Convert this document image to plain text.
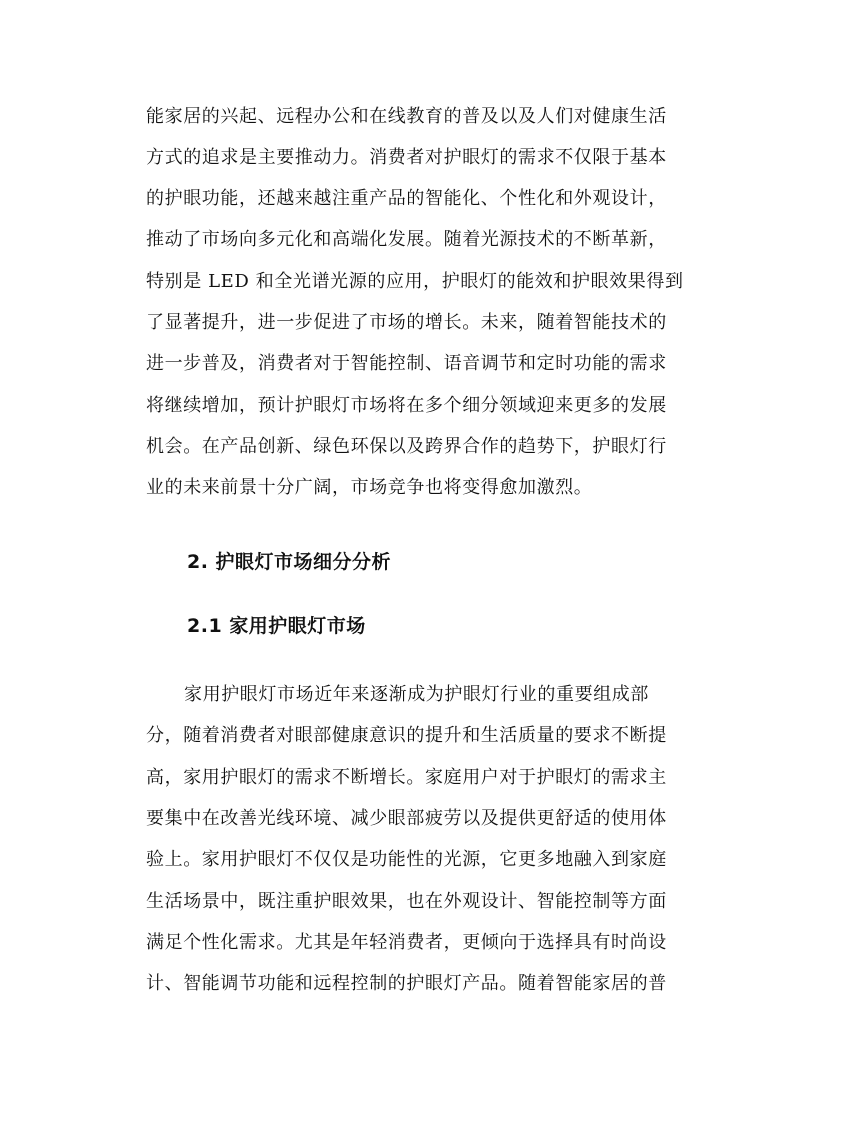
能家居的兴起、远程办公和在线教育的普及以及人们对健康生活
方式的追求是主要推动力。消费者对护眼灯的需求不仅限于基本
的护眼功能，还越来越注重产品的智能化、个性化和外观设计，
推动了市场向多元化和高端化发展。随着光源技术的不断革新，
特别是 LED 和全光谱光源的应用，护眼灯的能效和护眼效果得到
了显著提升，进一步促进了市场的增长。未来，随着智能技术的
进一步普及，消费者对于智能控制、语音调节和定时功能的需求
将继续增加，预计护眼灯市场将在多个细分领域迎来更多的发展
机会。在产品创新、绿色环保以及跨界合作的趋势下，护眼灯行
业的未来前景十分广阔，市场竞争也将变得愈加激烈。
2. 护眼灯市场细分分析
2.1 家用护眼灯市场
家用护眼灯市场近年来逐渐成为护眼灯行业的重要组成部
分，随着消费者对眼部健康意识的提升和生活质量的要求不断提
高，家用护眼灯的需求不断增长。家庭用户对于护眼灯的需求主
要集中在改善光线环境、减少眼部疲劳以及提供更舒适的使用体
验上。家用护眼灯不仅仅是功能性的光源，它更多地融入到家庭
生活场景中，既注重护眼效果，也在外观设计、智能控制等方面
满足个性化需求。尤其是年轻消费者，更倾向于选择具有时尚设
计、智能调节功能和远程控制的护眼灯产品。随着智能家居的普
